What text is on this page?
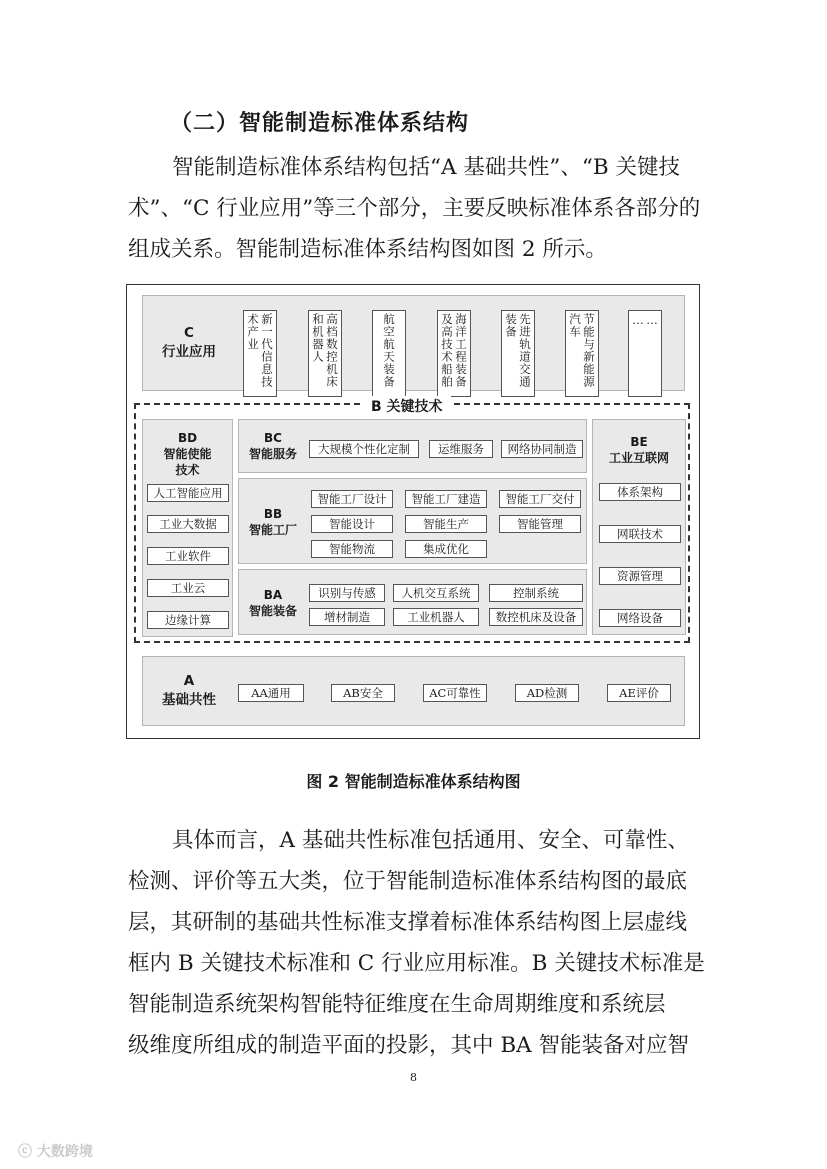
（二）智能制造标准体系结构

智能制造标准体系结构包括“A 基础共性”、“B 关键技
术”、“C 行业应用”等三个部分，主要反映标准体系各部分的
组成关系。智能制造标准体系结构图如图 2 所示。

C
行业应用	新一代信息技
术产业	高档数控机床
和机器人	航空航天装备	海洋工程装备
及高技术船舶	先进轨道交通
装备	节能与新能源
汽车	…
…
B 关键技术
BD
智能使能
技术
人工智能应用
工业大数据
工业软件
工业云
边缘计算
BC
智能服务	大规模个性化定制	运维服务	网络协同制造
BB
智能工厂
智能工厂设计	智能工厂建造	智能工厂交付
智能设计	智能生产	智能管理
智能物流	集成优化
BA
智能装备
识别与传感	人机交互系统	控制系统
增材制造	工业机器人	数控机床及设备
BE
工业互联网
体系架构
网联技术
资源管理
网络设备
A
基础共性	AA通用	AB安全	AC可靠性	AD检测	AE评价
图 2 智能制造标准体系结构图

具体而言，A 基础共性标准包括通用、安全、可靠性、
检测、评价等五大类，位于智能制造标准体系结构图的最底
层，其研制的基础共性标准支撑着标准体系结构图上层虚线
框内 B 关键技术标准和 C 行业应用标准。B 关键技术标准是
智能制造系统架构智能特征维度在生命周期维度和系统层
级维度所组成的制造平面的投影，其中 BA 智能装备对应智

8
ⓒ 大数跨境
